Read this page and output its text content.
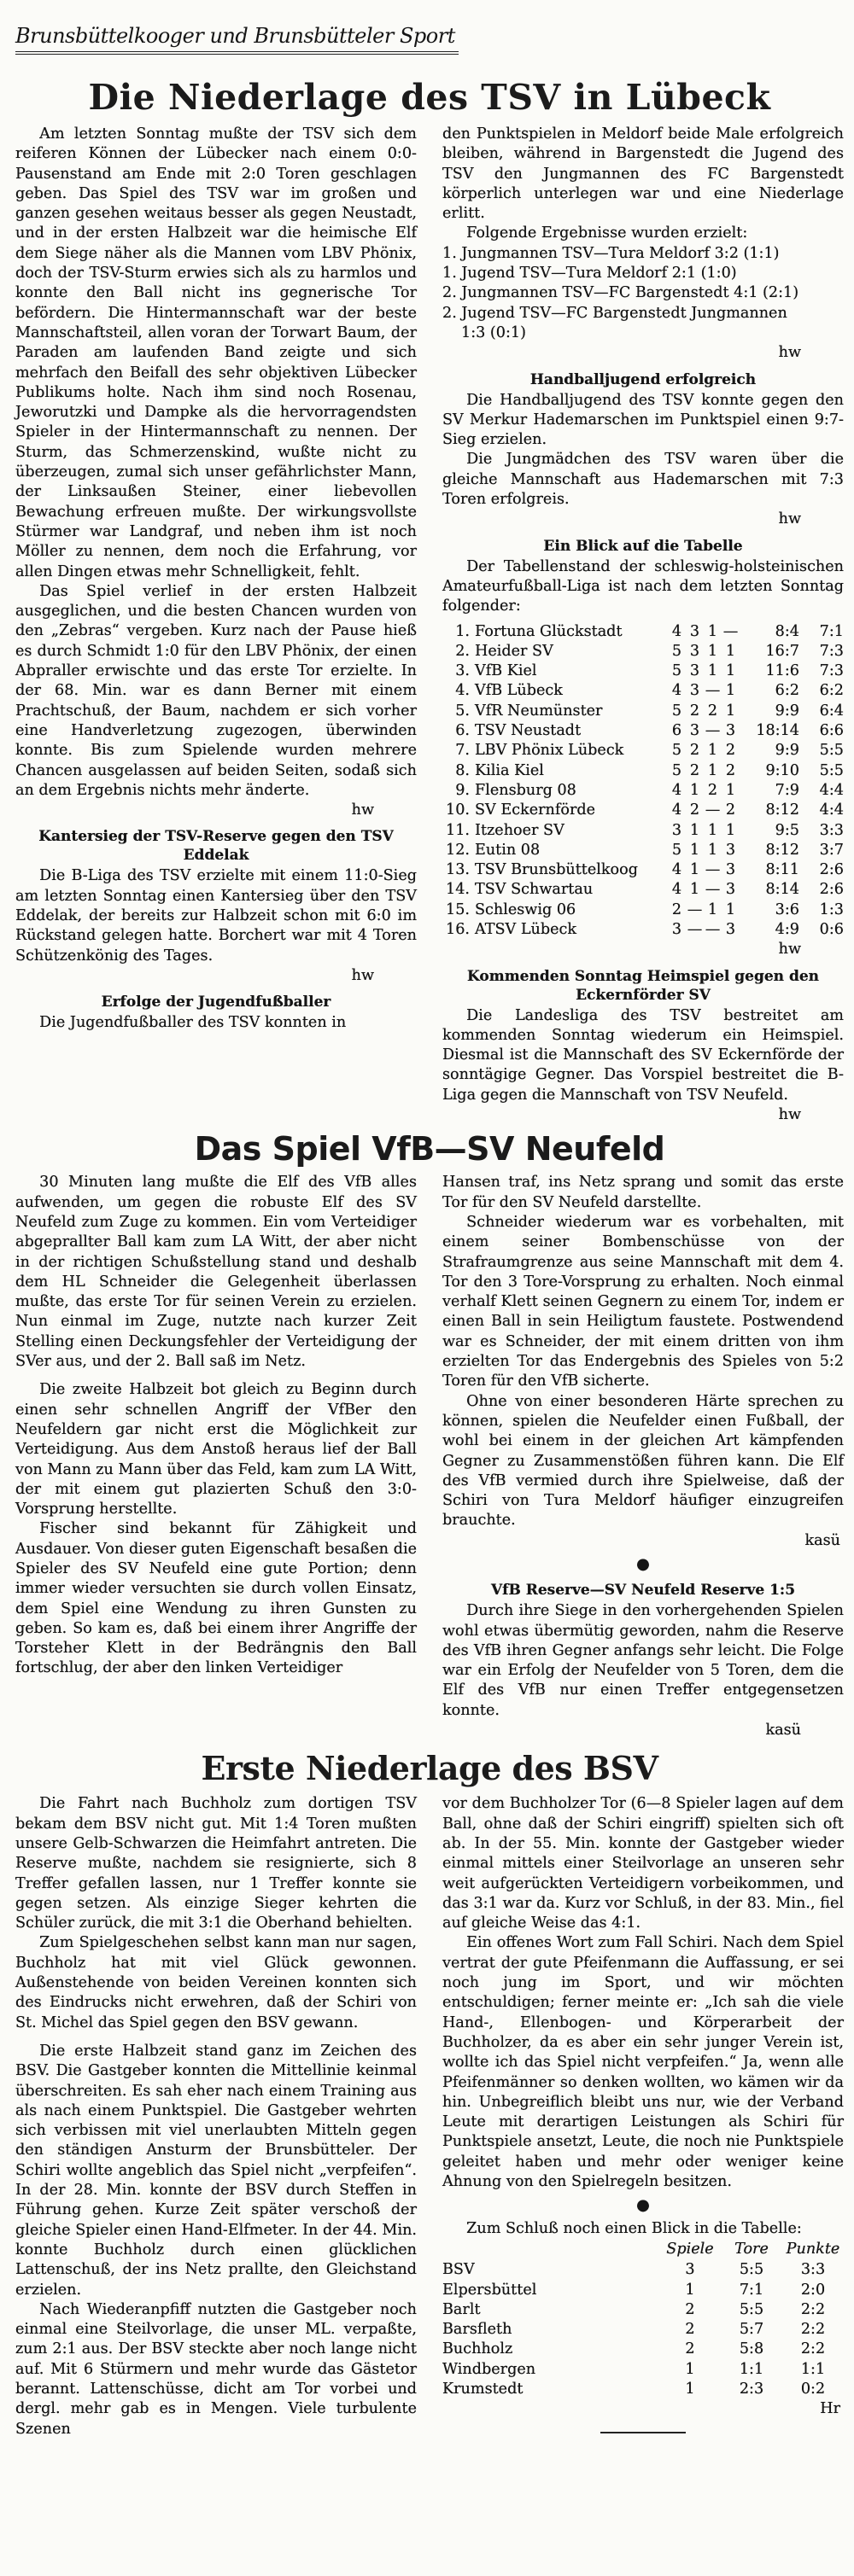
Brunsbüttelkooger und Brunsbütteler Sport
Die Niederlage des TSV in Lübeck

Am letzten Sonntag mußte der TSV sich dem reiferen Können der Lübecker nach einem 0:0-Pausenstand am Ende mit 2:0 Toren geschlagen geben. Das Spiel des TSV war im großen und ganzen gesehen weitaus besser als gegen Neustadt, und in der ersten Halbzeit war die heimische Elf dem Siege näher als die Mannen vom LBV Phönix, doch der TSV-Sturm erwies sich als zu harmlos und konnte den Ball nicht ins gegnerische Tor befördern. Die Hintermannschaft war der beste Mannschaftsteil, allen voran der Torwart Baum, der Paraden am laufenden Band zeigte und sich mehrfach den Beifall des sehr objektiven Lübecker Publikums holte. Nach ihm sind noch Rosenau, Jeworutzki und Dampke als die hervorragendsten Spieler in der Hintermannschaft zu nennen. Der Sturm, das Schmerzenskind, wußte nicht zu überzeugen, zumal sich unser gefährlichster Mann, der Linksaußen Steiner, einer liebevollen Bewachung erfreuen mußte. Der wirkungsvollste Stürmer war Landgraf, und neben ihm ist noch Möller zu nennen, dem noch die Erfahrung, vor allen Dingen etwas mehr Schnelligkeit, fehlt.

Das Spiel verlief in der ersten Halbzeit ausgeglichen, und die besten Chancen wurden von den „Zebras“ vergeben. Kurz nach der Pause hieß es durch Schmidt 1:0 für den LBV Phönix, der einen Abpraller erwischte und das erste Tor erzielte. In der 68. Min. war es dann Berner mit einem Prachtschuß, der Baum, nachdem er sich vorher eine Handverletzung zugezogen, überwinden konnte. Bis zum Spielende wurden mehrere Chancen ausgelassen auf beiden Seiten, sodaß sich an dem Ergebnis nichts mehr änderte.

hw

Kantersieg der TSV-Reserve gegen den TSV Eddelak

Die B-Liga des TSV erzielte mit einem 11:0-Sieg am letzten Sonntag einen Kantersieg über den TSV Eddelak, der bereits zur Halbzeit schon mit 6:0 im Rückstand gelegen hatte. Borchert war mit 4 Toren Schützenkönig des Tages.

hw

Erfolge der Jugendfußballer

Die Jugendfußballer des TSV konnten in

den Punktspielen in Meldorf beide Male erfolgreich bleiben, während in Bargenstedt die Jugend des TSV den Jungmannen des FC Bargenstedt körperlich unterlegen war und eine Niederlage erlitt.

Folgende Ergebnisse wurden erzielt:

1. Jungmannen TSV—Tura Meldorf 3:2 (1:1)
1. Jugend TSV—Tura Meldorf 2:1 (1:0)
2. Jungmannen TSV—FC Bargenstedt 4:1 (2:1)
2. Jugend TSV—FC Bargenstedt Jungmannen
1:3 (0:1)

hw

Handballjugend erfolgreich

Die Handballjugend des TSV konnte gegen den SV Merkur Hademarschen im Punktspiel einen 9:7-Sieg erzielen.

Die Jungmädchen des TSV waren über die gleiche Mannschaft aus Hademarschen mit 7:3 Toren erfolgreis.

hw

Ein Blick auf die Tabelle

Der Tabellenstand der schleswig-holsteinischen Amateurfußball-Liga ist nach dem letzten Sonntag folgender:

1.	Fortuna Glückstadt	4	3	1	—	8:4	7:1
2.	Heider SV	5	3	1	1	16:7	7:3
3.	VfB Kiel	5	3	1	1	11:6	7:3
4.	VfB Lübeck	4	3	—	1	6:2	6:2
5.	VfR Neumünster	5	2	2	1	9:9	6:4
6.	TSV Neustadt	6	3	—	3	18:14	6:6
7.	LBV Phönix Lübeck	5	2	1	2	9:9	5:5
8.	Kilia Kiel	5	2	1	2	9:10	5:5
9.	Flensburg 08	4	1	2	1	7:9	4:4
10.	SV Eckernförde	4	2	—	2	8:12	4:4
11.	Itzehoer SV	3	1	1	1	9:5	3:3
12.	Eutin 08	5	1	1	3	8:12	3:7
13.	TSV Brunsbüttelkoog	4	1	—	3	8:11	2:6
14.	TSV Schwartau	4	1	—	3	8:14	2:6
15.	Schleswig 06	2	—	1	1	3:6	1:3
16.	ATSV Lübeck	3	—	—	3	4:9	0:6

hw

Kommenden Sonntag Heimspiel gegen den Eckernförder SV

Die Landesliga des TSV bestreitet am kommenden Sonntag wiederum ein Heimspiel. Diesmal ist die Mannschaft des SV Eckernförde der sonntägige Gegner. Das Vorspiel bestreitet die B-Liga gegen die Mannschaft von TSV Neufeld.

hw

Das Spiel VfB—SV Neufeld

30 Minuten lang mußte die Elf des VfB alles aufwenden, um gegen die robuste Elf des SV Neufeld zum Zuge zu kommen. Ein vom Verteidiger abgeprallter Ball kam zum LA Witt, der aber nicht in der richtigen Schußstellung stand und deshalb dem HL Schneider die Gelegenheit überlassen mußte, das erste Tor für seinen Verein zu erzielen. Nun einmal im Zuge, nutzte nach kurzer Zeit Stelling einen Deckungsfehler der Verteidigung der SVer aus, und der 2. Ball saß im Netz.

Die zweite Halbzeit bot gleich zu Beginn durch einen sehr schnellen Angriff der VfBer den Neufeldern gar nicht erst die Möglichkeit zur Verteidigung. Aus dem Anstoß heraus lief der Ball von Mann zu Mann über das Feld, kam zum LA Witt, der mit einem gut plazierten Schuß den 3:0-Vorsprung herstellte.

Fischer sind bekannt für Zähigkeit und Ausdauer. Von dieser guten Eigenschaft besaßen die Spieler des SV Neufeld eine gute Portion; denn immer wieder versuchten sie durch vollen Einsatz, dem Spiel eine Wendung zu ihren Gunsten zu geben. So kam es, daß bei einem ihrer Angriffe der Torsteher Klett in der Bedrängnis den Ball fortschlug, der aber den linken Verteidiger

Hansen traf, ins Netz sprang und somit das erste Tor für den SV Neufeld darstellte.

Schneider wiederum war es vorbehalten, mit einem seiner Bombenschüsse von der Strafraumgrenze aus seine Mannschaft mit dem 4. Tor den 3 Tore-Vorsprung zu erhalten. Noch einmal verhalf Klett seinen Gegnern zu einem Tor, indem er einen Ball in sein Heiligtum faustete. Postwendend war es Schneider, der mit einem dritten von ihm erzielten Tor das Endergebnis des Spieles von 5:2 Toren für den VfB sicherte.

Ohne von einer besonderen Härte sprechen zu können, spielen die Neufelder einen Fußball, der wohl bei einem in der gleichen Art kämpfenden Gegner zu Zusammenstößen führen kann. Die Elf des VfB vermied durch ihre Spielweise, daß der Schiri von Tura Meldorf häufiger einzugreifen brauchte.

kasü

●

VfB Reserve—SV Neufeld Reserve 1:5

Durch ihre Siege in den vorhergehenden Spielen wohl etwas übermütig geworden, nahm die Reserve des VfB ihren Gegner anfangs sehr leicht. Die Folge war ein Erfolg der Neufelder von 5 Toren, dem die Elf des VfB nur einen Treffer entgegensetzen konnte.

kasü

Erste Niederlage des BSV

Die Fahrt nach Buchholz zum dortigen TSV bekam dem BSV nicht gut. Mit 1:4 Toren mußten unsere Gelb-Schwarzen die Heimfahrt antreten. Die Reserve mußte, nachdem sie resignierte, sich 8 Treffer gefallen lassen, nur 1 Treffer konnte sie gegen setzen. Als einzige Sieger kehrten die Schüler zurück, die mit 3:1 die Oberhand behielten.

Zum Spielgeschehen selbst kann man nur sagen, Buchholz hat mit viel Glück gewonnen. Außenstehende von beiden Vereinen konnten sich des Eindrucks nicht erwehren, daß der Schiri von St. Michel das Spiel gegen den BSV gewann.

Die erste Halbzeit stand ganz im Zeichen des BSV. Die Gastgeber konnten die Mittellinie keinmal überschreiten. Es sah eher nach einem Training aus als nach einem Punktspiel. Die Gastgeber wehrten sich verbissen mit viel unerlaubten Mitteln gegen den ständigen Ansturm der Brunsbütteler. Der Schiri wollte angeblich das Spiel nicht „verpfeifen“. In der 28. Min. konnte der BSV durch Steffen in Führung gehen. Kurze Zeit später verschoß der gleiche Spieler einen Hand-Elfmeter. In der 44. Min. konnte Buchholz durch einen glücklichen Lattenschuß, der ins Netz prallte, den Gleichstand erzielen.

Nach Wiederanpfiff nutzten die Gastgeber noch einmal eine Steilvorlage, die unser ML. verpaßte, zum 2:1 aus. Der BSV steckte aber noch lange nicht auf. Mit 6 Stürmern und mehr wurde das Gästetor berannt. Lattenschüsse, dicht am Tor vorbei und dergl. mehr gab es in Mengen. Viele turbulente Szenen

vor dem Buchholzer Tor (6—8 Spieler lagen auf dem Ball, ohne daß der Schiri eingriff) spielten sich oft ab. In der 55. Min. konnte der Gastgeber wieder einmal mittels einer Steilvorlage an unseren sehr weit aufgerückten Verteidigern vorbeikommen, und das 3:1 war da. Kurz vor Schluß, in der 83. Min., fiel auf gleiche Weise das 4:1.

Ein offenes Wort zum Fall Schiri. Nach dem Spiel vertrat der gute Pfeifenmann die Auffassung, er sei noch jung im Sport, und wir möchten entschuldigen; ferner meinte er: „Ich sah die viele Hand-, Ellenbogen- und Körperarbeit der Buchholzer, da es aber ein sehr junger Verein ist, wollte ich das Spiel nicht verpfeifen.“ Ja, wenn alle Pfeifenmänner so denken wollten, wo kämen wir da hin. Unbegreiflich bleibt uns nur, wie der Verband Leute mit derartigen Leistungen als Schiri für Punktspiele ansetzt, Leute, die noch nie Punktspiele geleitet haben und mehr oder weniger keine Ahnung von den Spielregeln besitzen.

●

Zum Schluß noch einen Blick in die Tabelle:

	Spiele	Tore	Punkte
BSV	3	5:5	3:3
Elpersbüttel	1	7:1	2:0
Barlt	2	5:5	2:2
Barsfleth	2	5:7	2:2
Buchholz	2	5:8	2:2
Windbergen	1	1:1	1:1
Krumstedt	1	2:3	0:2

Hr
